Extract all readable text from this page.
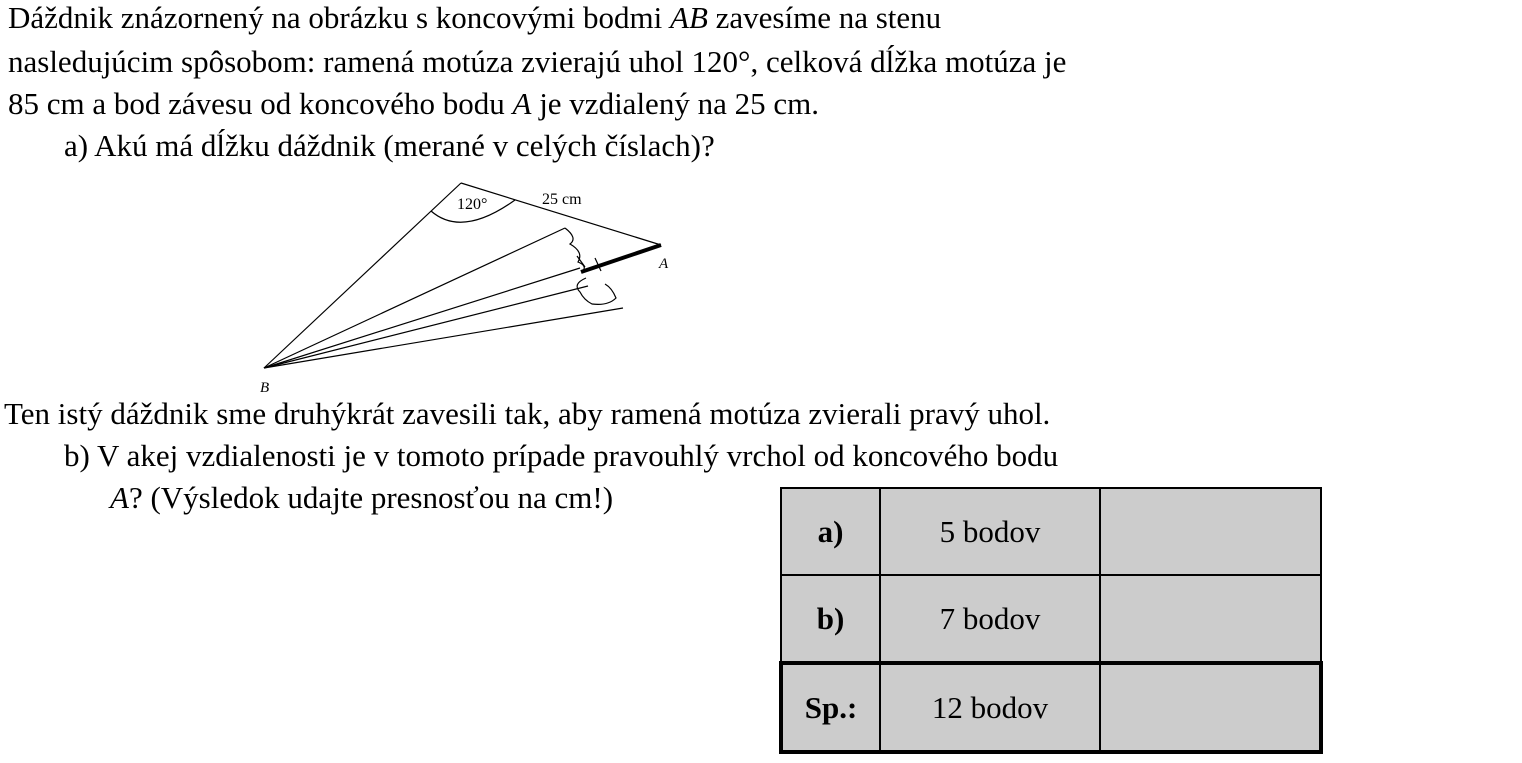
Dáždnik znázornený na obrázku s koncovými bodmi AB zavesíme na stenu
nasledujúcim spôsobom: ramená motúza zvierajú uhol 120°, celková dĺžka motúza je
85 cm a bod závesu od koncového bodu A je vzdialený na 25 cm.
a) Akú má dĺžku dáždnik (merané v celých číslach)?
120°	25 cm
A
B
Ten istý dáždnik sme druhýkrát zavesili tak, aby ramená motúza zvierali pravý uhol.
b) V akej vzdialenosti je v tomoto prípade pravouhlý vrchol od koncového bodu
A? (Výsledok udajte presnosťou na cm!)
a)	5 bodov	
b)	7 bodov	
Sp.:	12 bodov	
